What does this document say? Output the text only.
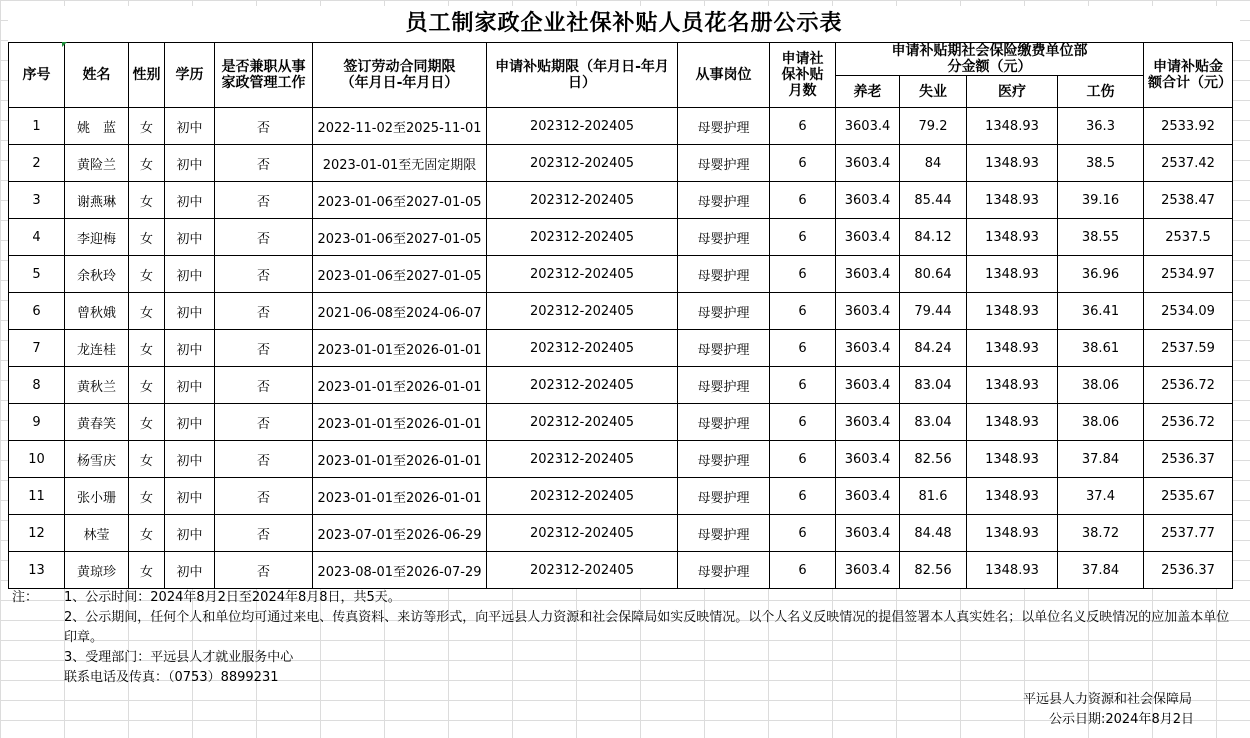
员工制家政企业社保补贴人员花名册公示表
序号	姓名	性别	学历	是否兼职从事家政管理工作	签订劳动合同期限（年月日-年月日）	申请补贴期限（年月日-年月日）	从事岗位	申请社保补贴月数	申请补贴期社会保险缴费单位部分金额（元）				申请补贴金额合计（元）
									养老	失业	医疗	工伤	
1	姚　蓝	女	初中	否	2022-11-02至2025-11-01	202312-202405	母婴护理	6	3603.4	79.2	1348.93	36.3	2533.92
2	黄险兰	女	初中	否	2023-01-01至无固定期限	202312-202405	母婴护理	6	3603.4	84	1348.93	38.5	2537.42
3	谢燕琳	女	初中	否	2023-01-06至2027-01-05	202312-202405	母婴护理	6	3603.4	85.44	1348.93	39.16	2538.47
4	李迎梅	女	初中	否	2023-01-06至2027-01-05	202312-202405	母婴护理	6	3603.4	84.12	1348.93	38.55	2537.5
5	余秋玲	女	初中	否	2023-01-06至2027-01-05	202312-202405	母婴护理	6	3603.4	80.64	1348.93	36.96	2534.97
6	曾秋娥	女	初中	否	2021-06-08至2024-06-07	202312-202405	母婴护理	6	3603.4	79.44	1348.93	36.41	2534.09
7	龙连桂	女	初中	否	2023-01-01至2026-01-01	202312-202405	母婴护理	6	3603.4	84.24	1348.93	38.61	2537.59
8	黄秋兰	女	初中	否	2023-01-01至2026-01-01	202312-202405	母婴护理	6	3603.4	83.04	1348.93	38.06	2536.72
9	黄春笑	女	初中	否	2023-01-01至2026-01-01	202312-202405	母婴护理	6	3603.4	83.04	1348.93	38.06	2536.72
10	杨雪庆	女	初中	否	2023-01-01至2026-01-01	202312-202405	母婴护理	6	3603.4	82.56	1348.93	37.84	2536.37
11	张小珊	女	初中	否	2023-01-01至2026-01-01	202312-202405	母婴护理	6	3603.4	81.6	1348.93	37.4	2535.67
12	林莹	女	初中	否	2023-07-01至2026-06-29	202312-202405	母婴护理	6	3603.4	84.48	1348.93	38.72	2537.77
13	黄琼珍	女	初中	否	2023-08-01至2026-07-29	202312-202405	母婴护理	6	3603.4	82.56	1348.93	37.84	2536.37
注： 1、公示时间：2024年8月2日至2024年8月8日，共5天。
2、公示期间，任何个人和单位均可通过来电、传真资料、来访等形式，向平远县人力资源和社会保障局如实反映情况。以个人名义反映情况的提倡签署本人真实姓名；以单位名义反映情况的应加盖本单位印章。
3、受理部门：平远县人才就业服务中心
联系电话及传真：（0753）8899231
平远县人力资源和社会保障局
公示日期:2024年8月2日
